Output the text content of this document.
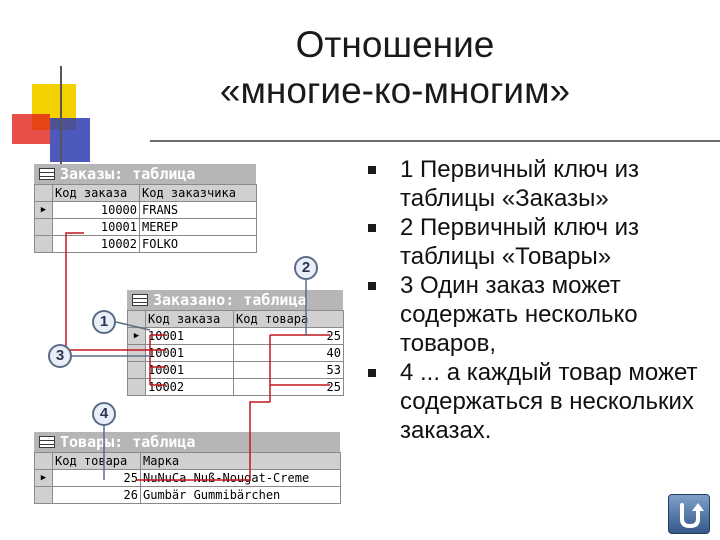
Отношение
«многие-ко-многим»
Заказы: таблица
	Код заказа	Код заказчика
▶	10000	FRANS
	10001	MEREP
	10002	FOLKO
Заказано: таблица
	Код заказа	Код товара
▶	10001	25
	10001	40
	10001	53
	10002	25
Товары: таблица
	Код товара	Марка
▶	25	NuNuCa Nuß-Nougat-Creme
	26	Gumbär Gummibärchen
2
1
3
4
1 Первичный ключ из таблицы «Заказы»
2 Первичный ключ из таблицы «Товары»
3 Один заказ может содержать несколько товаров,
4 ... а каждый товар может содержаться в нескольких заказах.
